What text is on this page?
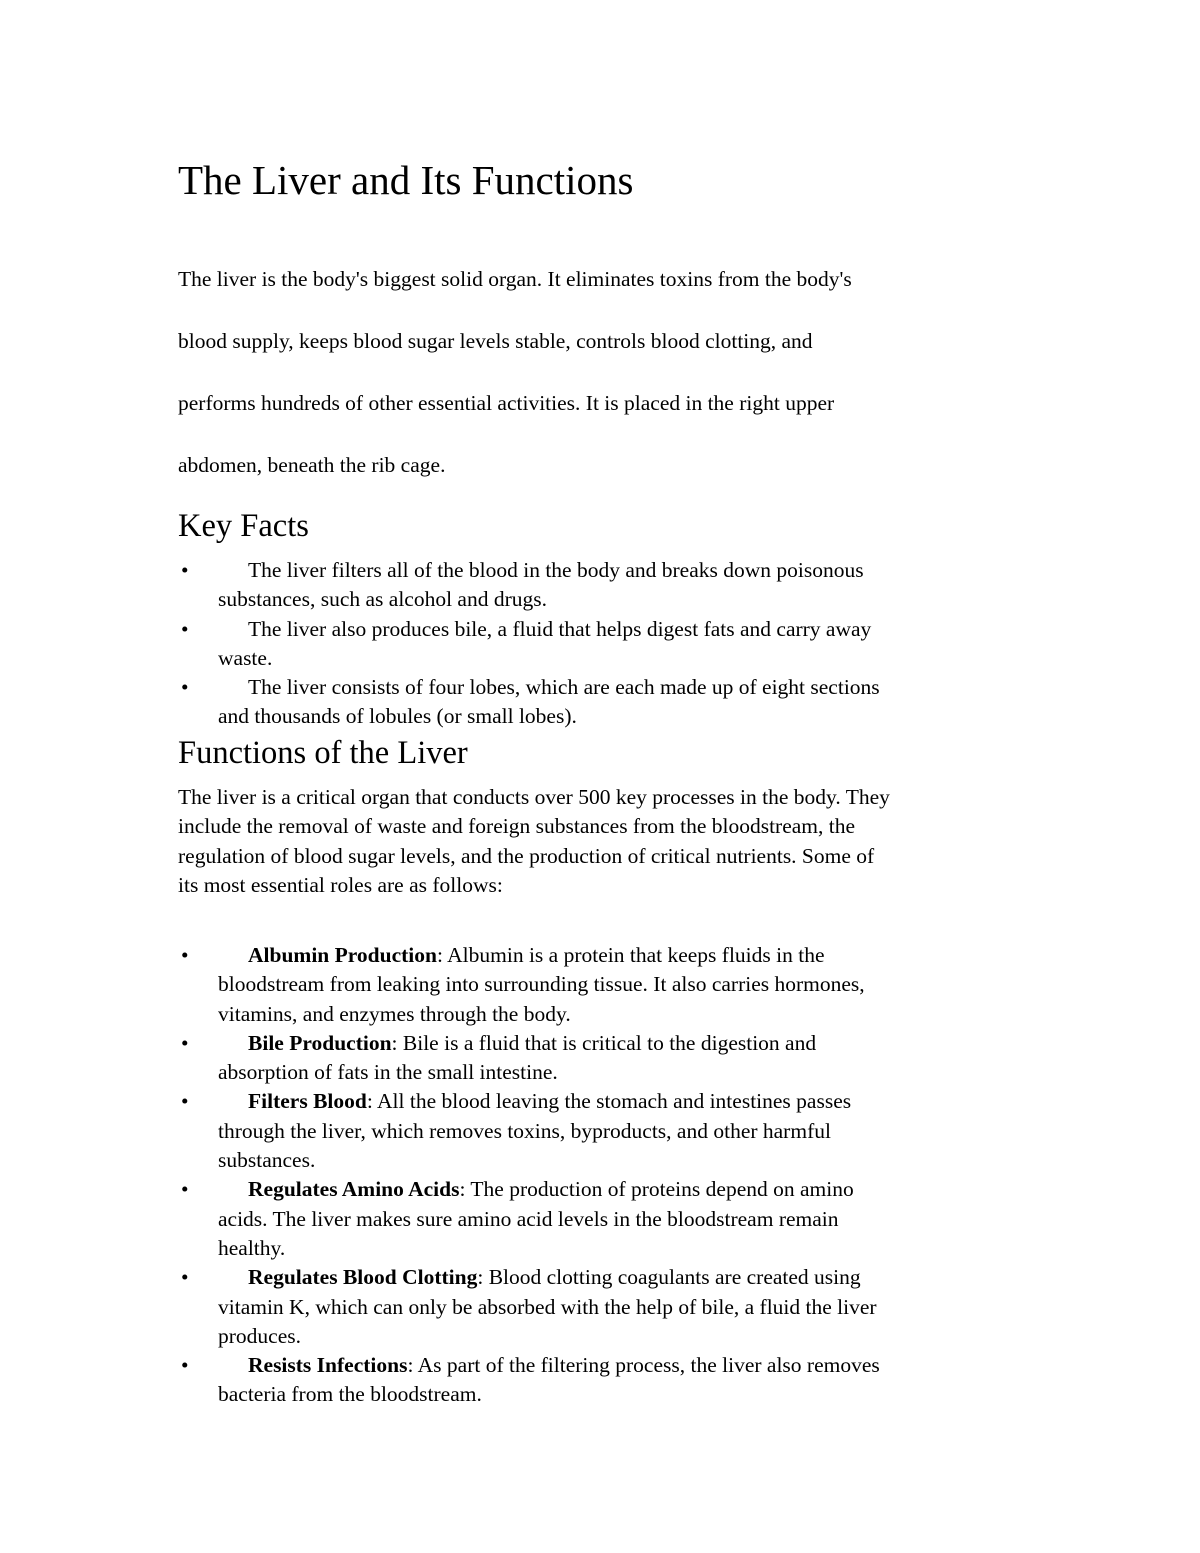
The Liver and Its Functions

The liver is the body's biggest solid organ. It eliminates toxins from the body's
blood supply, keeps blood sugar levels stable, controls blood clotting, and
performs hundreds of other essential activities. It is placed in the right upper
abdomen, beneath the rib cage.

Key Facts
•	The liver filters all of the blood in the body and breaks down poisonous
substances, such as alcohol and drugs.
•	The liver also produces bile, a fluid that helps digest fats and carry away
waste.
•	The liver consists of four lobes, which are each made up of eight sections
and thousands of lobules (or small lobes).
Functions of the Liver

The liver is a critical organ that conducts over 500 key processes in the body. They
include the removal of waste and foreign substances from the bloodstream, the
regulation of blood sugar levels, and the production of critical nutrients. Some of
its most essential roles are as follows:

•	Albumin Production: Albumin is a protein that keeps fluids in the
bloodstream from leaking into surrounding tissue. It also carries hormones,
vitamins, and enzymes through the body.
•	Bile Production: Bile is a fluid that is critical to the digestion and
absorption of fats in the small intestine.
•	Filters Blood: All the blood leaving the stomach and intestines passes
through the liver, which removes toxins, byproducts, and other harmful
substances.
•	Regulates Amino Acids: The production of proteins depend on amino
acids. The liver makes sure amino acid levels in the bloodstream remain
healthy.
•	Regulates Blood Clotting: Blood clotting coagulants are created using
vitamin K, which can only be absorbed with the help of bile, a fluid the liver
produces.
•	Resists Infections: As part of the filtering process, the liver also removes
bacteria from the bloodstream.
